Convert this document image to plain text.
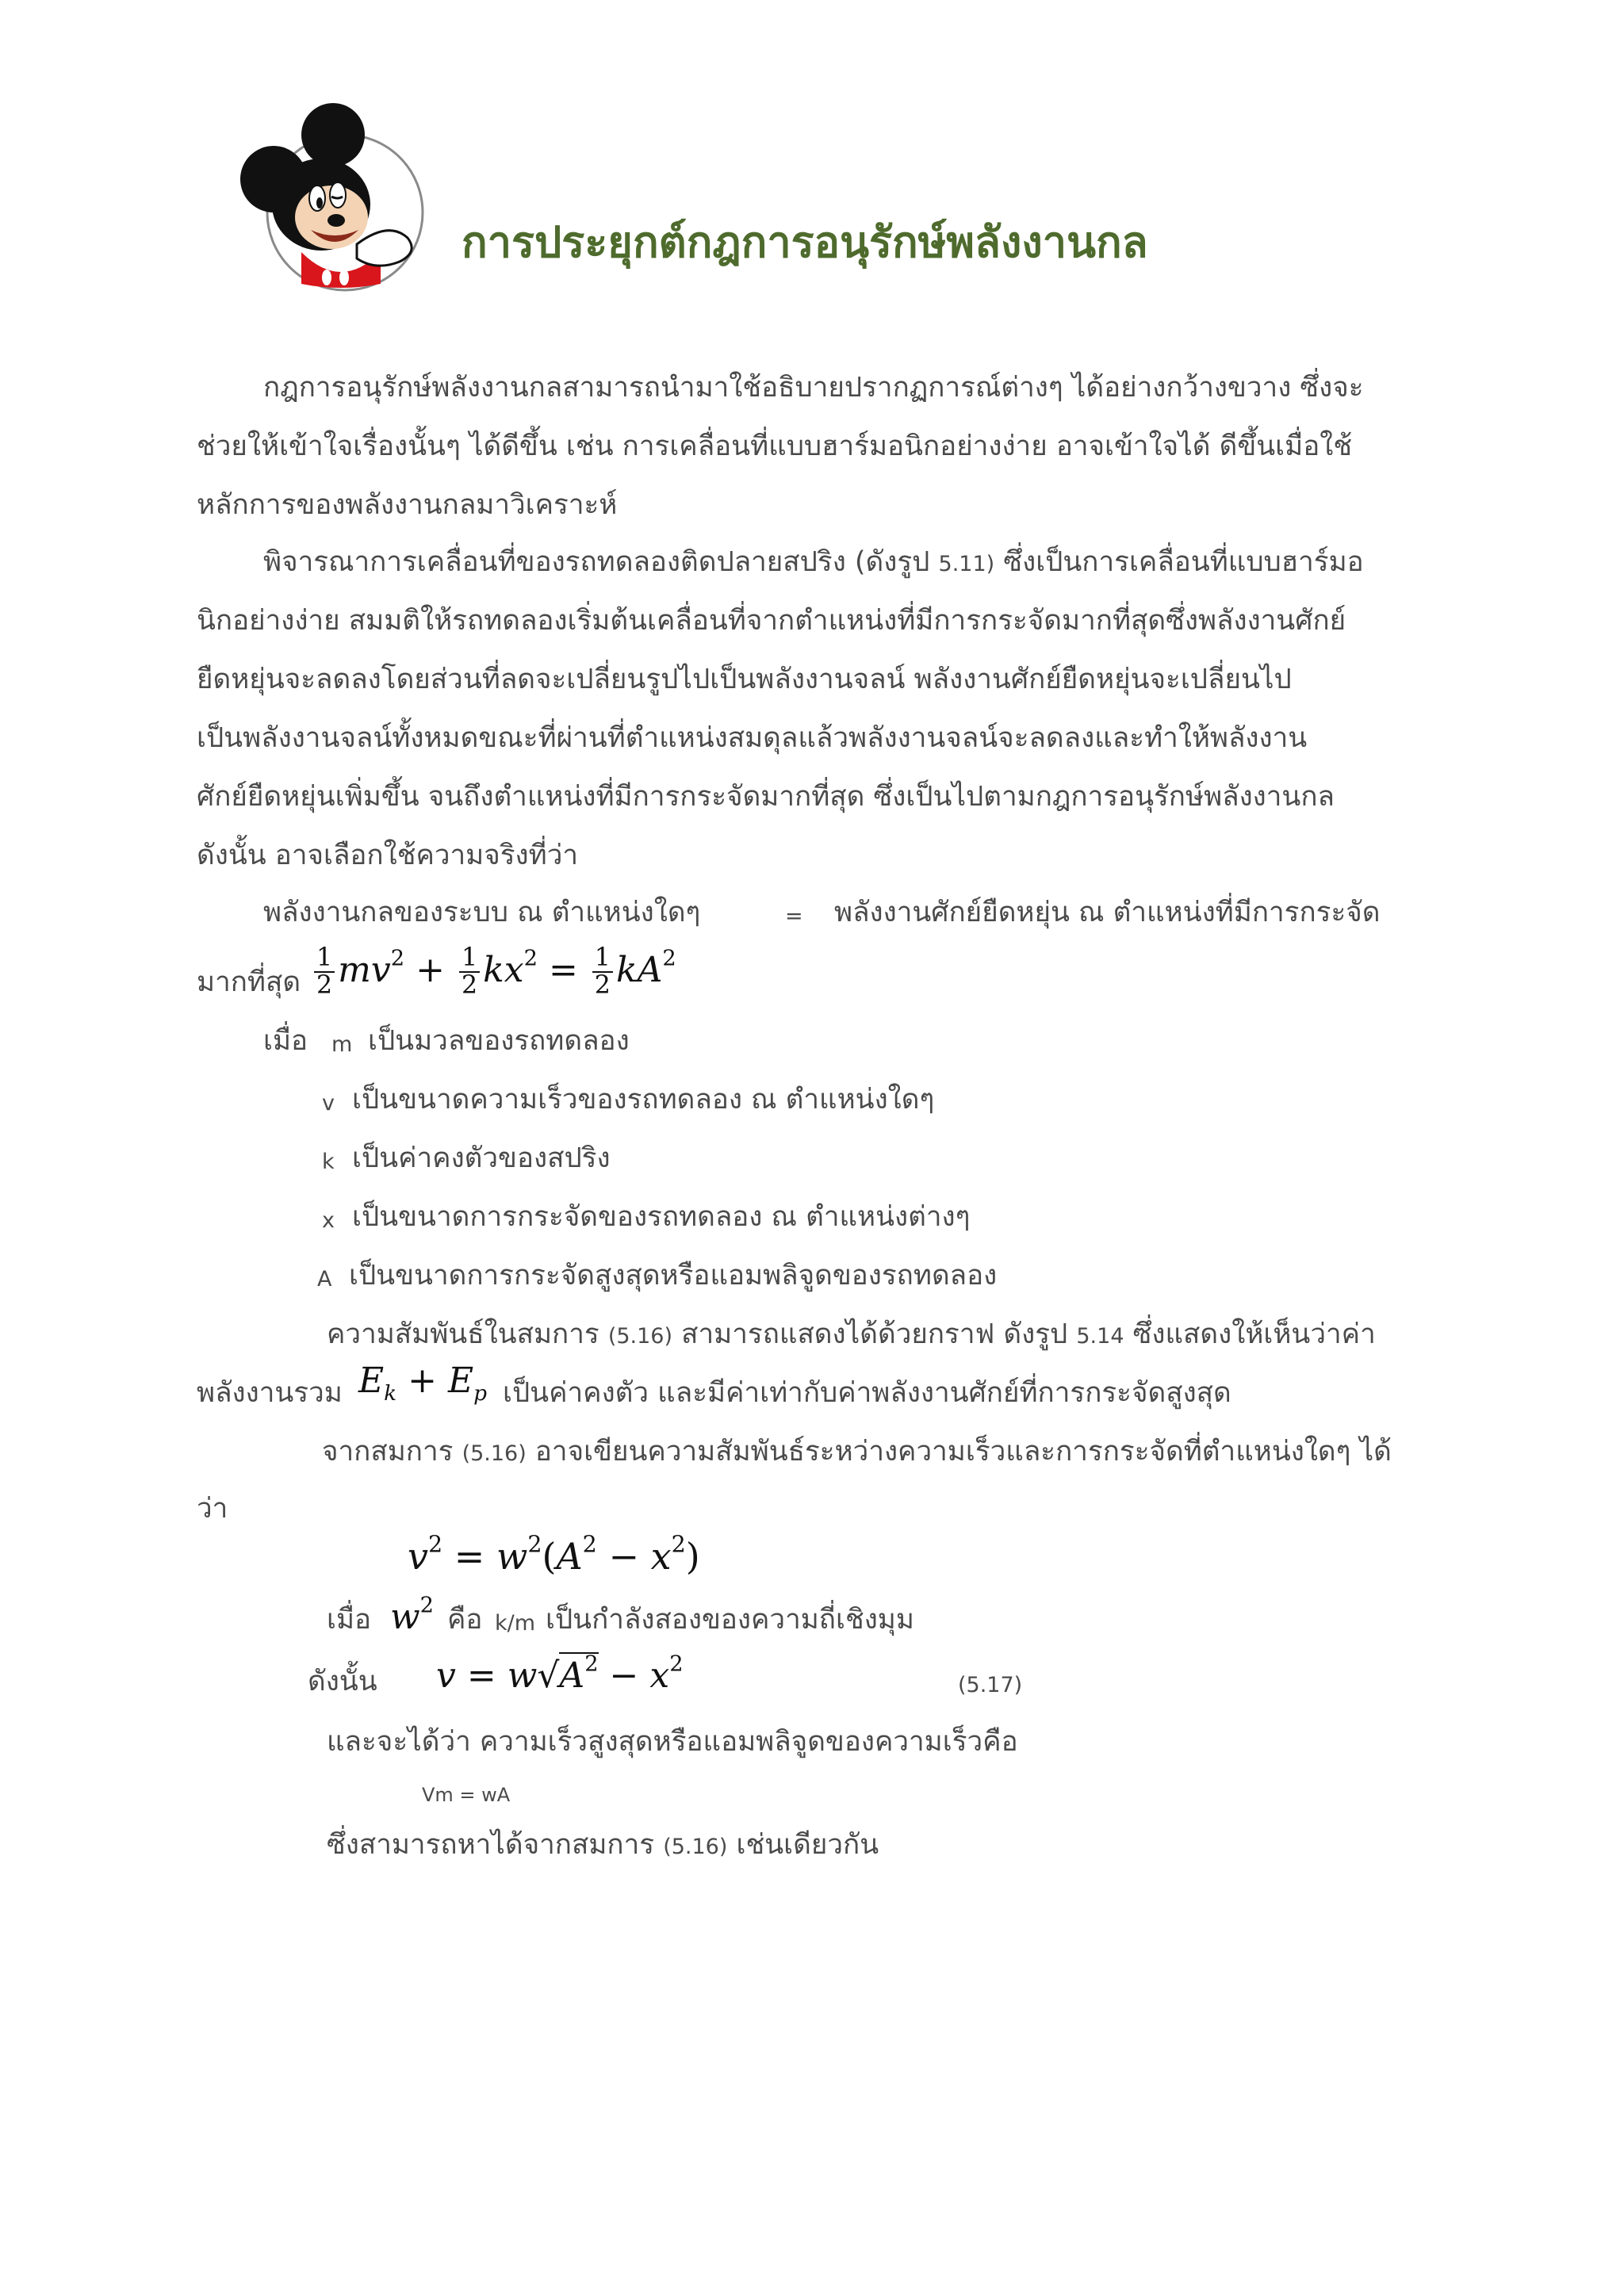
การประยุกต์กฎการอนุรักษ์พลังงานกล
กฎการอนุรักษ์พลังงานกลสามารถนำมาใช้อธิบายปรากฏการณ์ต่างๆ ได้อย่างกว้างขวาง ซึ่งจะ
ช่วยให้เข้าใจเรื่องนั้นๆ ได้ดีขึ้น เช่น การเคลื่อนที่แบบฮาร์มอนิกอย่างง่าย อาจเข้าใจได้ ดีขึ้นเมื่อใช้
หลักการของพลังงานกลมาวิเคราะห์
พิจารณาการเคลื่อนที่ของรถทดลองติดปลายสปริง (ดังรูป 5.11) ซึ่งเป็นการเคลื่อนที่แบบฮาร์มอ
นิกอย่างง่าย สมมติให้รถทดลองเริ่มต้นเคลื่อนที่จากตำแหน่งที่มีการกระจัดมากที่สุดซึ่งพลังงานศักย์
ยืดหยุ่นจะลดลงโดยส่วนที่ลดจะเปลี่ยนรูปไปเป็นพลังงานจลน์ พลังงานศักย์ยืดหยุ่นจะเปลี่ยนไป
เป็นพลังงานจลน์ทั้งหมดขณะที่ผ่านที่ตำแหน่งสมดุลแล้วพลังงานจลน์จะลดลงและทำให้พลังงาน
ศักย์ยืดหยุ่นเพิ่มขึ้น จนถึงตำแหน่งที่มีการกระจัดมากที่สุด ซึ่งเป็นไปตามกฎการอนุรักษ์พลังงานกล
ดังนั้น อาจเลือกใช้ความจริงที่ว่า
พลังงานกลของระบบ ณ ตำแหน่งใดๆ	= พลังงานศักย์ยืดหยุ่น ณ ตำแหน่งที่มีการกระจัด
มากที่สุด $\frac{1}{2} mv^2 + \frac{1}{2} kx^2 = \frac{1}{2} kA^2$
เมื่อ m เป็นมวลของรถทดลอง
v เป็นขนาดความเร็วของรถทดลอง ณ ตำแหน่งใดๆ
k เป็นค่าคงตัวของสปริง
x เป็นขนาดการกระจัดของรถทดลอง ณ ตำแหน่งต่างๆ
A เป็นขนาดการกระจัดสูงสุดหรือแอมพลิจูดของรถทดลอง
ความสัมพันธ์ในสมการ (5.16) สามารถแสดงได้ด้วยกราฟ ดังรูป 5.14 ซึ่งแสดงให้เห็นว่าค่า
พลังงานรวม $E_k + E_p$ เป็นค่าคงตัว และมีค่าเท่ากับค่าพลังงานศักย์ที่การกระจัดสูงสุด
จากสมการ (5.16) อาจเขียนความสัมพันธ์ระหว่างความเร็วและการกระจัดที่ตำแหน่งใดๆ ได้
ว่า
$v^2 = w^2(A^2 - x^2)$
เมื่อ $w^2$ คือ k/m เป็นกำลังสองของความถี่เชิงมุม
ดังนั้น $v = w√A^2 - x^2$
(5.17)
และจะได้ว่า ความเร็วสูงสุดหรือแอมพลิจูดของความเร็วคือ
Vm = wA
ซึ่งสามารถหาได้จากสมการ (5.16) เช่นเดียวกัน
